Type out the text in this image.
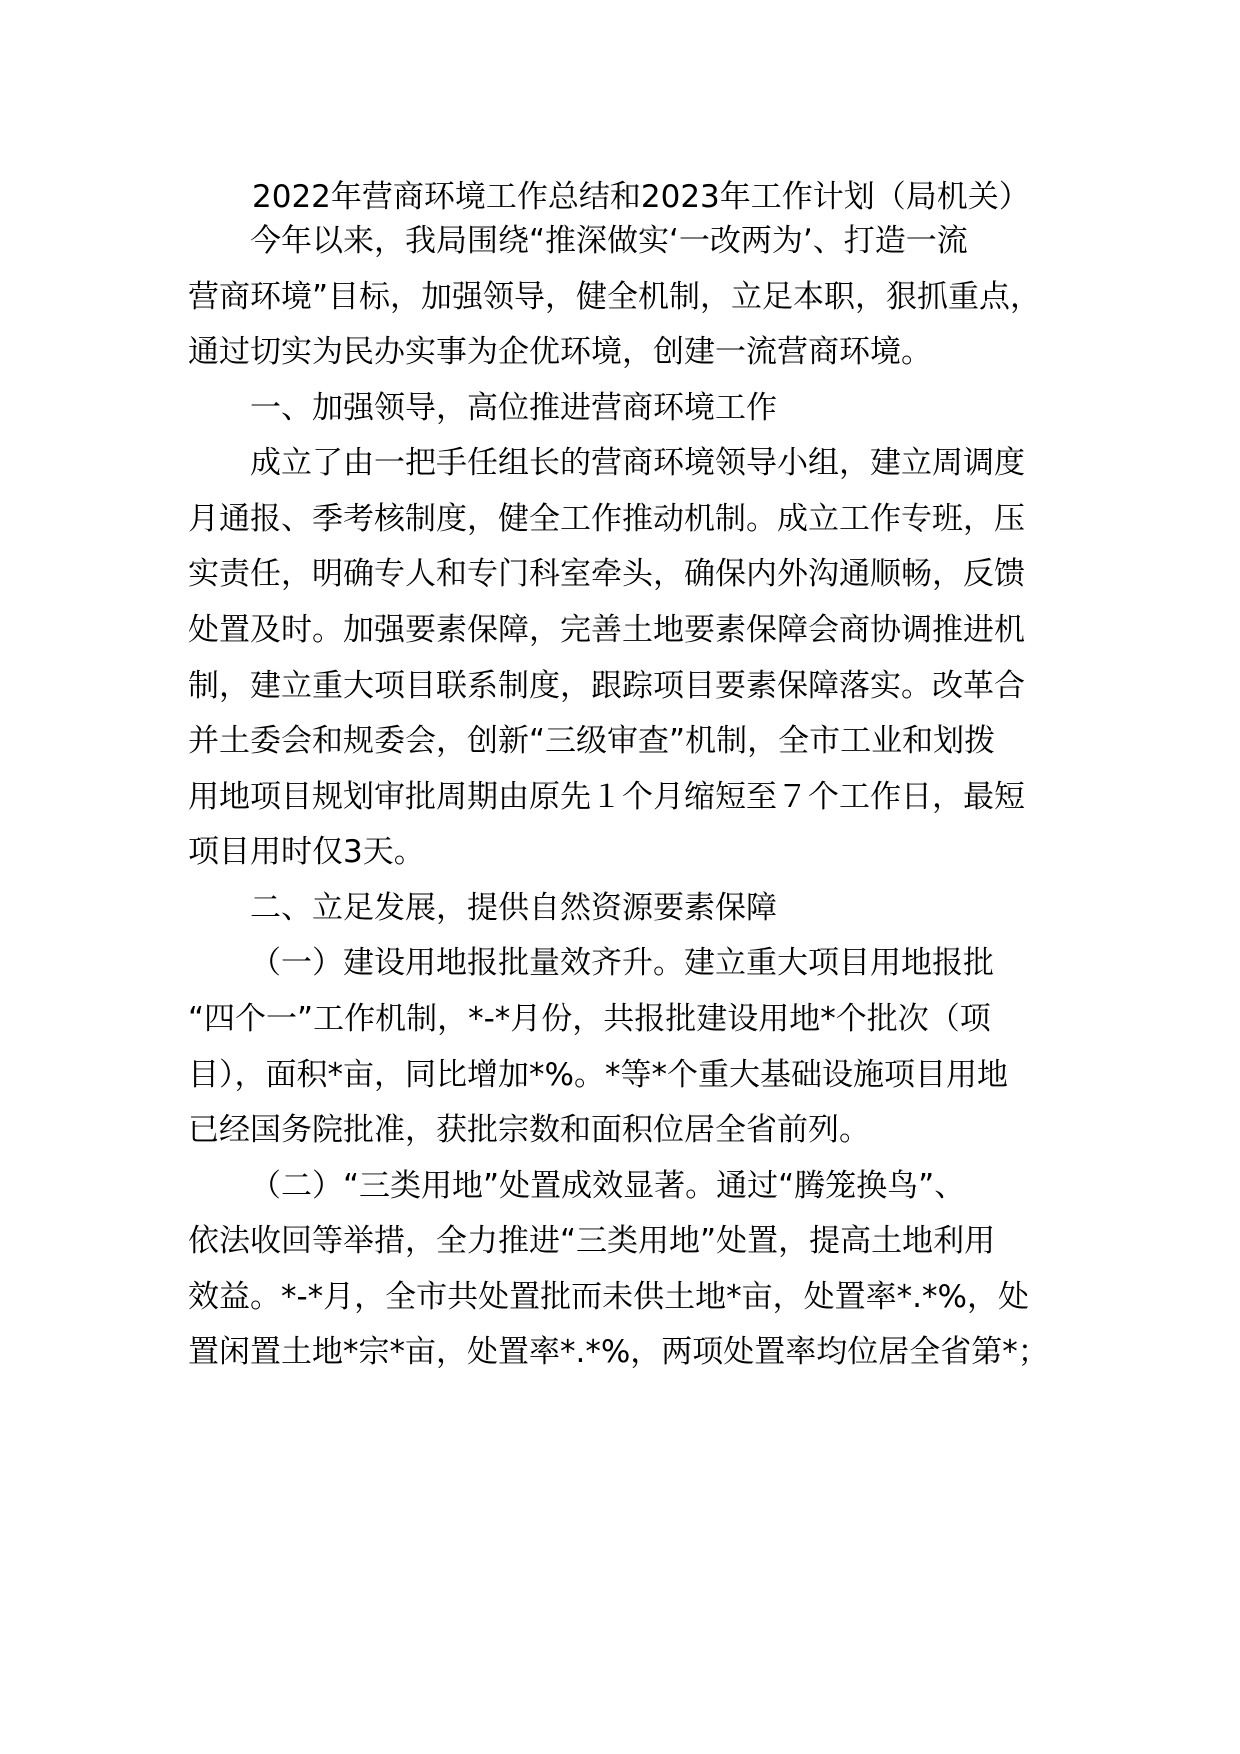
2022年营商环境工作总结和2023年工作计划（局机关）

今年以来，我局围绕“推深做实‘一改两为’、打造一流

营商环境”目标，加强领导，健全机制，立足本职，狠抓重点，

通过切实为民办实事为企优环境，创建一流营商环境。

一、加强领导，高位推进营商环境工作

成立了由一把手任组长的营商环境领导小组，建立周调度

月通报、季考核制度，健全工作推动机制。成立工作专班，压

实责任，明确专人和专门科室牵头，确保内外沟通顺畅，反馈

处置及时。加强要素保障，完善土地要素保障会商协调推进机

制，建立重大项目联系制度，跟踪项目要素保障落实。改革合

并土委会和规委会，创新“三级审查”机制，全市工业和划拨

用地项目规划审批周期由原先１个月缩短至７个工作日，最短

项目用时仅3天。

二、立足发展，提供自然资源要素保障

（一）建设用地报批量效齐升。建立重大项目用地报批

“四个一”工作机制，*-*月份，共报批建设用地*个批次（项

目），面积*亩，同比增加*%。*等*个重大基础设施项目用地

已经国务院批准，获批宗数和面积位居全省前列。

（二）“三类用地”处置成效显著。通过“腾笼换鸟”、

依法收回等举措，全力推进“三类用地”处置，提高土地利用

效益。*-*月，全市共处置批而未供土地*亩，处置率*.*%，处

置闲置土地*宗*亩，处置率*.*%，两项处置率均位居全省第*；
